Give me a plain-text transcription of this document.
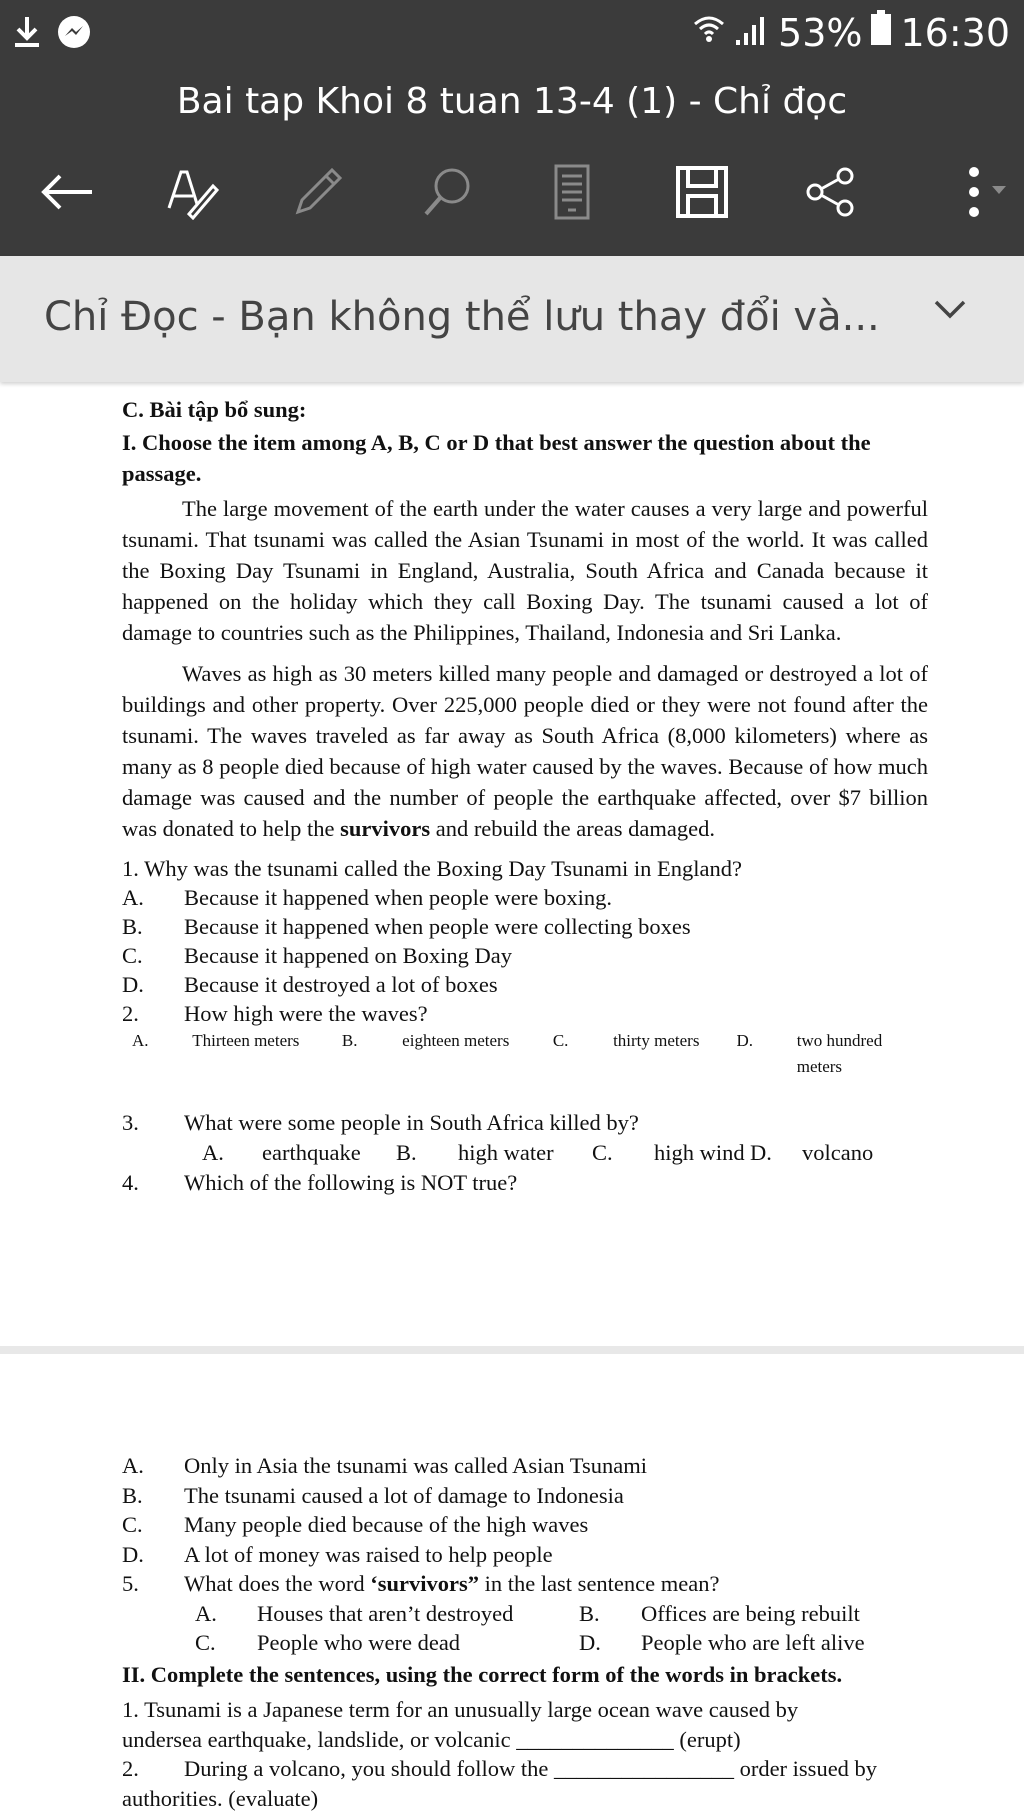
53% 16:30
Bai tap Khoi 8 tuan 13-4 (1) - Chỉ đọc
Chỉ Đọc - Bạn không thể lưu thay đổi và...

C. Bài tập bổ sung:

I. Choose the item among A, B, C or D that best answer the question about the passage.

The large movement of the earth under the water causes a very large and powerful tsunami. That tsunami was called the Asian Tsunami in most of the world. It was called the Boxing Day Tsunami in England, Australia, South Africa and Canada because it happened on the holiday which they call Boxing Day. The tsunami caused a lot of damage to countries such as the Philippines, Thailand, Indonesia and Sri Lanka.

Waves as high as 30 meters killed many people and damaged or destroyed a lot of buildings and other property. Over 225,000 people died or they were not found after the tsunami. The waves traveled as far away as South Africa (8,000 kilometers) where as many as 8 people died because of high water caused by the waves. Because of how much damage was caused and the number of people the earthquake affected, over $7 billion was donated to help the survivors and rebuild the areas damaged.

1. Why was the tsunami called the Boxing Day Tsunami in England?

A.	Because it happened when people were boxing.
B.	Because it happened when people were collecting boxes
C.	Because it happened on Boxing Day
D.	Because it destroyed a lot of boxes
2.	How high were the waves?
A.	Thirteen meters	B.	eighteen meters	C.	thirty meters	D.	two hundred meters
3.	What were some people in South Africa killed by?
A.	earthquake	B.	high water	C.	high wind D.	volcano
4.	Which of the following is NOT true?
A.	Only in Asia the tsunami was called Asian Tsunami
B.	The tsunami caused a lot of damage to Indonesia
C.	Many people died because of the high waves
D.	A lot of money was raised to help people
5.	What does the word ‘survivors” in the last sentence mean?
A.	Houses that aren’t destroyed	B.	Offices are being rebuilt
C.	People who were dead	D.	People who are left alive

II. Complete the sentences, using the correct form of the words in brackets.

1. Tsunami is a Japanese term for an unusually large ocean wave caused by
undersea earthquake, landslide, or volcanic ______________ (erupt)

2.	During a volcano, you should follow the ________________ order issued by

authorities. (evaluate)
